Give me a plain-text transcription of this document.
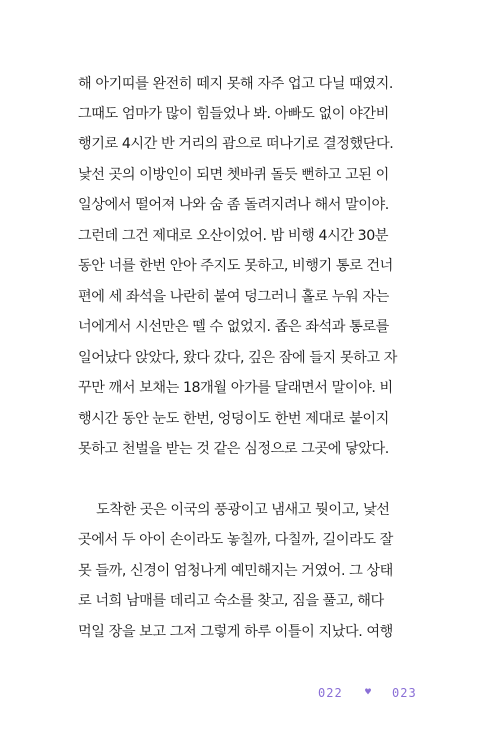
해 아기띠를 완전히 떼지 못해 자주 업고 다닐 때였지.
그때도 엄마가 많이 힘들었나 봐. 아빠도 없이 야간비
행기로 4시간 반 거리의 괌으로 떠나기로 결정했단다.
낯선 곳의 이방인이 되면 쳇바퀴 돌듯 뻔하고 고된 이
일상에서 떨어져 나와 숨 좀 돌려지려나 해서 말이야.
그런데 그건 제대로 오산이었어. 밤 비행 4시간 30분
동안 너를 한번 안아 주지도 못하고, 비행기 통로 건너
편에 세 좌석을 나란히 붙여 덩그러니 홀로 누워 자는
너에게서 시선만은 뗄 수 없었지. 좁은 좌석과 통로를
일어났다 앉았다, 왔다 갔다, 깊은 잠에 들지 못하고 자
꾸만 깨서 보채는 18개월 아가를 달래면서 말이야. 비
행시간 동안 눈도 한번, 엉덩이도 한번 제대로 붙이지
못하고 천벌을 받는 것 같은 심정으로 그곳에 닿았다.
도착한 곳은 이국의 풍광이고 냄새고 뭣이고, 낯선
곳에서 두 아이 손이라도 놓칠까, 다칠까, 길이라도 잘
못 들까, 신경이 엄청나게 예민해지는 거였어. 그 상태
로 너희 남매를 데리고 숙소를 찾고, 짐을 풀고, 해다
먹일 장을 보고 그저 그렇게 하루 이틀이 지났다. 여행
022 ♥ 023
